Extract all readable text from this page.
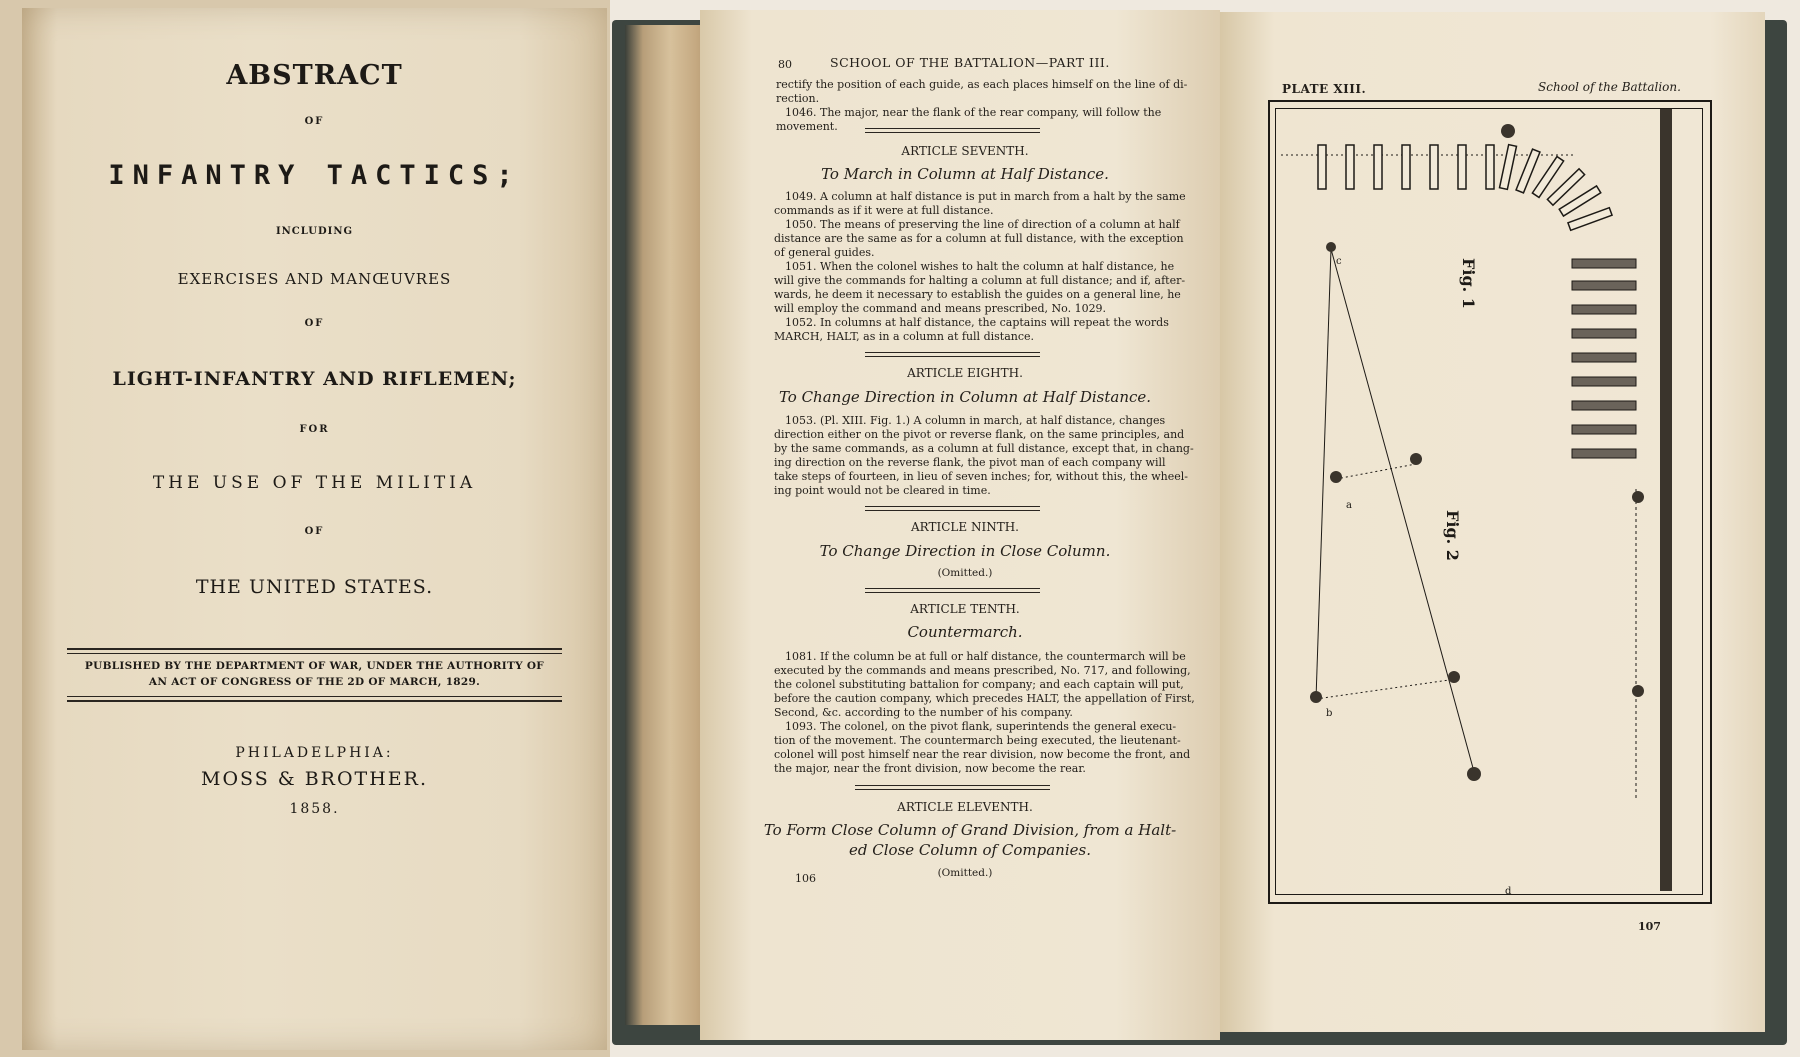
ABSTRACT
OF
INFANTRY TACTICS;
INCLUDING
EXERCISES AND MANŒUVRES
OF
LIGHT-INFANTRY AND RIFLEMEN;
FOR
THE USE OF THE MILITIA
OF
THE UNITED STATES.
PUBLISHED BY THE DEPARTMENT OF WAR, UNDER THE AUTHORITY OF
AN ACT OF CONGRESS OF THE 2D OF MARCH, 1829.
PHILADELPHIA:
MOSS & BROTHER.
1858.
80	SCHOOL OF THE BATTALION—PART III.
rectify the position of each guide, as each places himself on the line of di-
rection.
1046. The major, near the flank of the rear company, will follow the
movement.
ARTICLE SEVENTH.
To March in Column at Half Distance.
1049. A column at half distance is put in march from a halt by the same
commands as if it were at full distance.
1050. The means of preserving the line of direction of a column at half
distance are the same as for a column at full distance, with the exception
of general guides.
1051. When the colonel wishes to halt the column at half distance, he
will give the commands for halting a column at full distance; and if, after-
wards, he deem it necessary to establish the guides on a general line, he
will employ the command and means prescribed, No. 1029.
1052. In columns at half distance, the captains will repeat the words
MARCH, HALT, as in a column at full distance.
ARTICLE EIGHTH.
To Change Direction in Column at Half Distance.
1053. (Pl. XIII. Fig. 1.) A column in march, at half distance, changes
direction either on the pivot or reverse flank, on the same principles, and
by the same commands, as a column at full distance, except that, in chang-
ing direction on the reverse flank, the pivot man of each company will
take steps of fourteen, in lieu of seven inches; for, without this, the wheel-
ing point would not be cleared in time.
ARTICLE NINTH.
To Change Direction in Close Column.
(Omitted.)
ARTICLE TENTH.
Countermarch.
1081. If the column be at full or half distance, the countermarch will be
executed by the commands and means prescribed, No. 717, and following,
the colonel substituting battalion for company; and each captain will put,
before the caution company, which precedes HALT, the appellation of First,
Second, &c. according to the number of his company.
1093. The colonel, on the pivot flank, superintends the general execu-
tion of the movement. The countermarch being executed, the lieutenant-
colonel will post himself near the rear division, now become the front, and
the major, near the front division, now become the rear.
ARTICLE ELEVENTH.
To Form Close Column of Grand Division, from a Halt-
ed Close Column of Companies.
(Omitted.)
106
PLATE XIII.	School of the Battalion.
107
Fig. 1
Fig. 2
c
d
a
b
